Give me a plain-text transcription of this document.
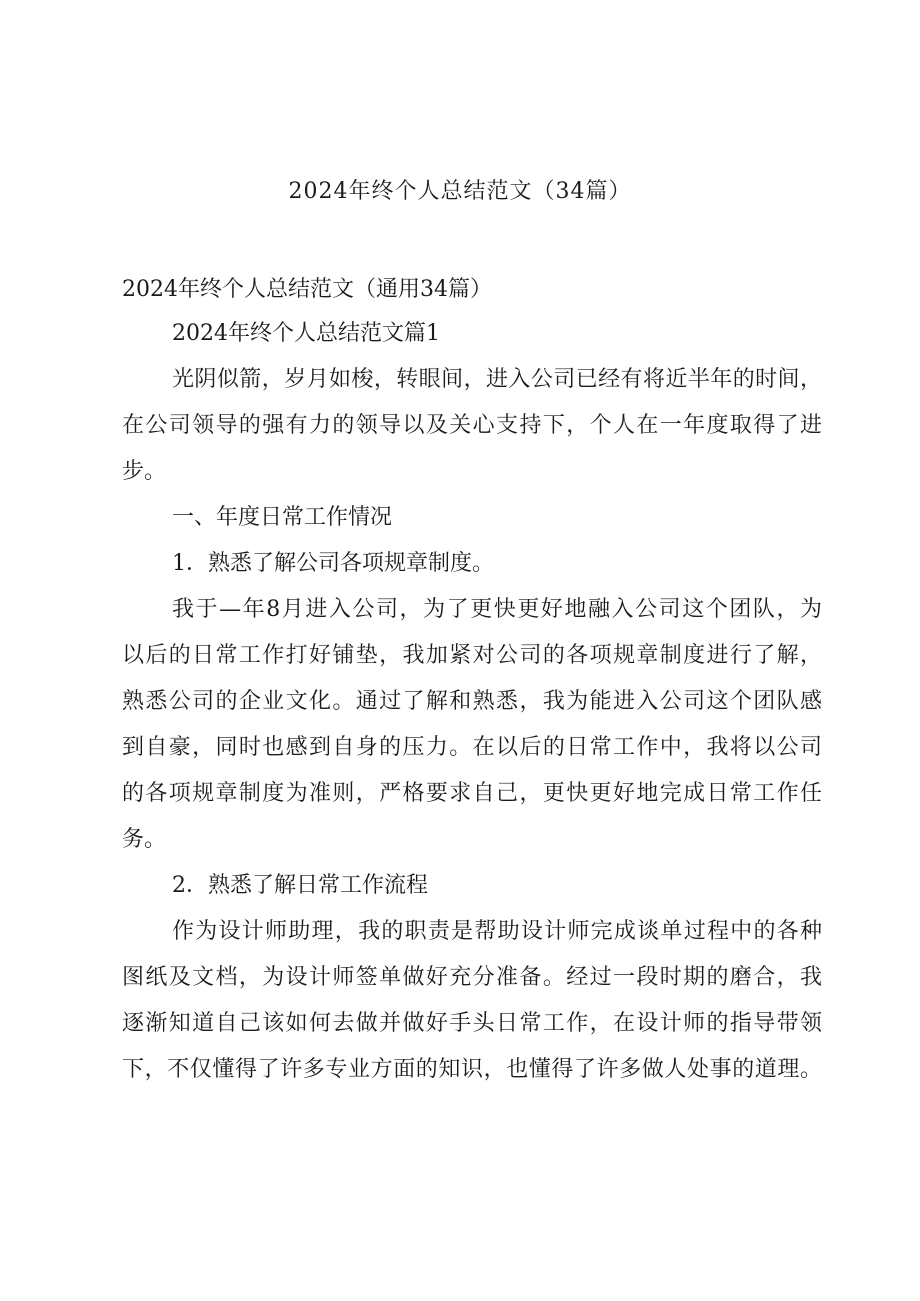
2024年终个人总结范文（34篇）

2024年终个人总结范文（通用34篇）

2024年终个人总结范文篇1

光阴似箭，岁月如梭，转眼间，进入公司已经有将近半年的时间，

在公司领导的强有力的领导以及关心支持下，个人在一年度取得了进

步。

一、年度日常工作情况

1．熟悉了解公司各项规章制度。

我于—年8月进入公司，为了更快更好地融入公司这个团队，为

以后的日常工作打好铺垫，我加紧对公司的各项规章制度进行了解，

熟悉公司的企业文化。通过了解和熟悉，我为能进入公司这个团队感

到自豪，同时也感到自身的压力。在以后的日常工作中，我将以公司

的各项规章制度为准则，严格要求自己，更快更好地完成日常工作任

务。

2．熟悉了解日常工作流程

作为设计师助理，我的职责是帮助设计师完成谈单过程中的各种

图纸及文档，为设计师签单做好充分准备。经过一段时期的磨合，我

逐渐知道自己该如何去做并做好手头日常工作，在设计师的指导带领

下，不仅懂得了许多专业方面的知识，也懂得了许多做人处事的道理。
